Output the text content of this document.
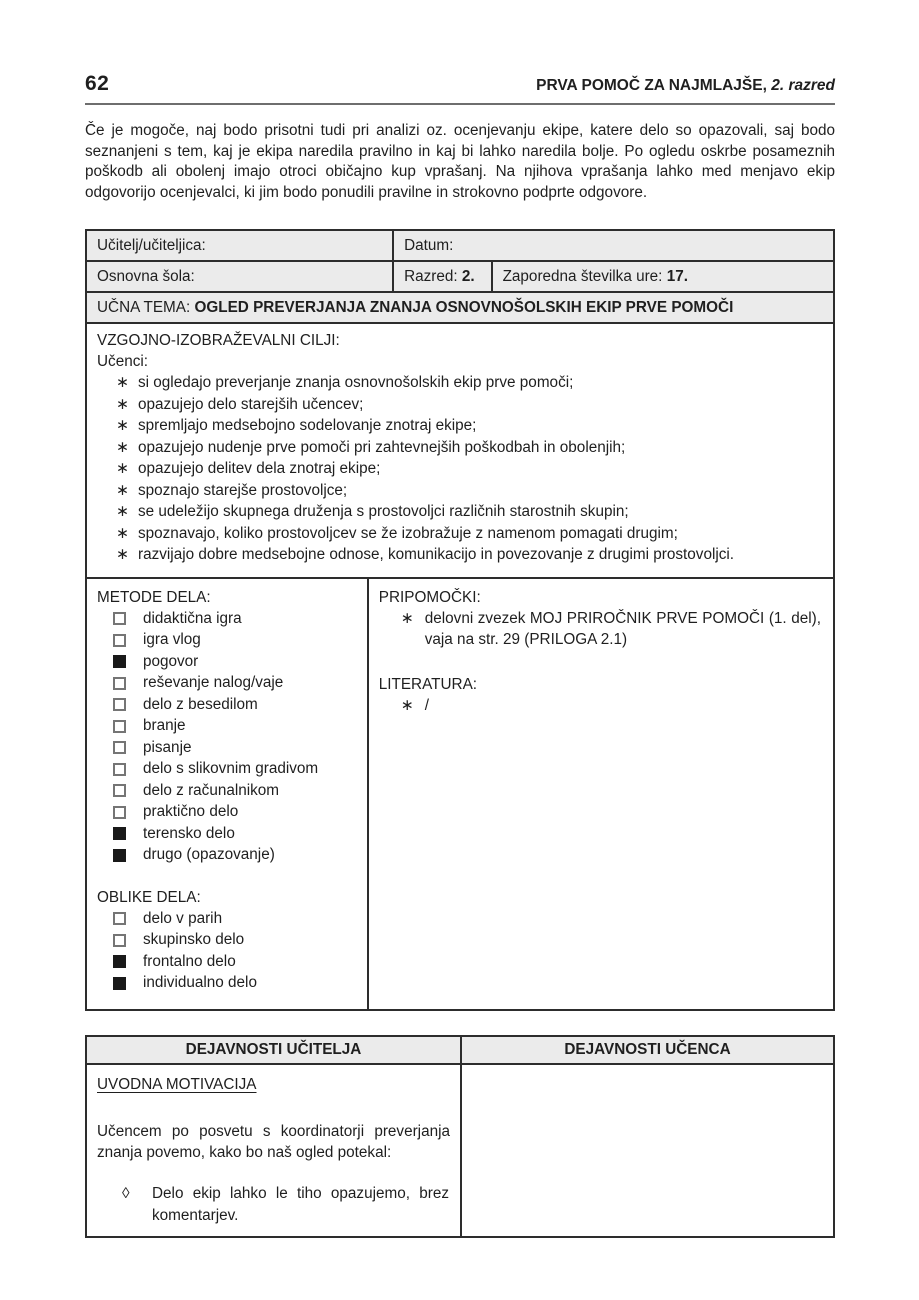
62	PRVA POMOČ ZA NAJMLAJŠE, 2. razred

Če je mogoče, naj bodo prisotni tudi pri analizi oz. ocenjevanju ekipe, katere delo so opazovali, saj bodo seznanjeni s tem, kaj je ekipa naredila pravilno in kaj bi lahko naredila bolje. Po ogledu oskrbe posameznih poškodb ali obolenj imajo otroci običajno kup vprašanj. Na njihova vprašanja lahko med menjavo ekip odgovorijo ocenjevalci, ki jim bodo ponudili pravilne in strokovno podprte odgovore.

Učitelj/učiteljica:	Datum:
Osnovna šola:	Razred: 2.	Zaporedna številka ure: 17.
UČNA TEMA: OGLED PREVERJANJA ZNANJA OSNOVNOŠOLSKIH EKIP PRVE POMOČI

VZGOJNO-IZOBRAŽEVALNI CILJI:

Učenci:

∗ si ogledajo preverjanje znanja osnovnošolskih ekip prve pomoči;
∗ opazujejo delo starejših učencev;
∗ spremljajo medsebojno sodelovanje znotraj ekipe;
∗ opazujejo nudenje prve pomoči pri zahtevnejših poškodbah in obolenjih;
∗ opazujejo delitev dela znotraj ekipe;
∗ spoznajo starejše prostovoljce;
∗ se udeležijo skupnega druženja s prostovoljci različnih starostnih skupin;
∗ spoznavajo, koliko prostovoljcev se že izobražuje z namenom pomagati drugim;
∗ razvijajo dobre medsebojne odnose, komunikacijo in povezovanje z drugimi prostovoljci.

METODE DELA:

didaktična igra
igra vlog
pogovor
reševanje nalog/vaje
delo z besedilom
branje
pisanje
delo s slikovnim gradivom
delo z računalnikom
praktično delo
terensko delo
drugo (opazovanje)

OBLIKE DELA:

delo v parih
skupinsko delo
frontalno delo
individualno delo

PRIPOMOČKI:

∗ delovni zvezek MOJ PRIROČNIK PRVE POMOČI (1. del), vaja na str. 29 (PRILOGA 2.1)

LITERATURA:

∗ /
DEJAVNOSTI UČITELJA	DEJAVNOSTI UČENCA

UVODNA MOTIVACIJA

Učencem po posvetu s koordinatorji preverjanja znanja povemo, kako bo naš ogled potekal:

◊	Delo ekip lahko le tiho opazujemo, brez komentarjev.
